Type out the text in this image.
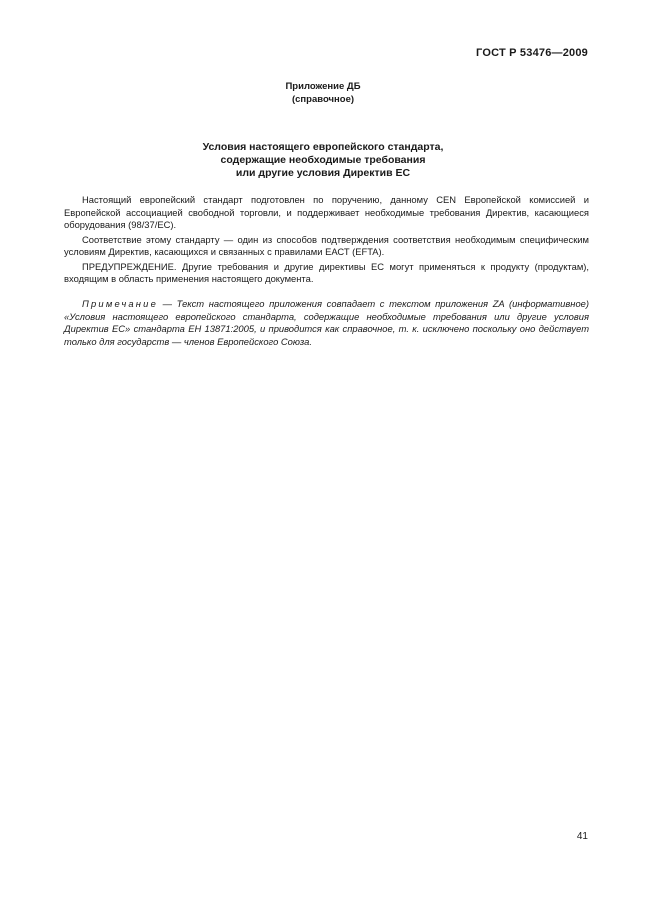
ГОСТ Р 53476—2009
Приложение ДБ
(справочное)
Условия настоящего европейского стандарта,
содержащие необходимые требования
или другие условия Директив ЕС

Настоящий европейский стандарт подготовлен по поручению, данному CEN Европейской комиссией и Европейской ассоциацией свободной торговли, и поддерживает необходимые требования Директив, касающиеся оборудования (98/37/ЕС).

Соответствие этому стандарту — один из способов подтверждения соответствия необходимым специфическим условиям Директив, касающихся и связанных с правилами ЕАСТ (EFTA).

ПРЕДУПРЕЖДЕНИЕ. Другие требования и другие директивы ЕС могут применяться к продукту (продуктам), входящим в область применения настоящего документа.

Примечание — Текст настоящего приложения совпадает с текстом приложения ZA (информативное) «Условия настоящего европейского стандарта, содержащие необходимые требования или другие условия Директив ЕС» стандарта ЕН 13871:2005, и приводится как справочное, т. к. исключено поскольку оно действует только для государств — членов Европейского Союза.
41
